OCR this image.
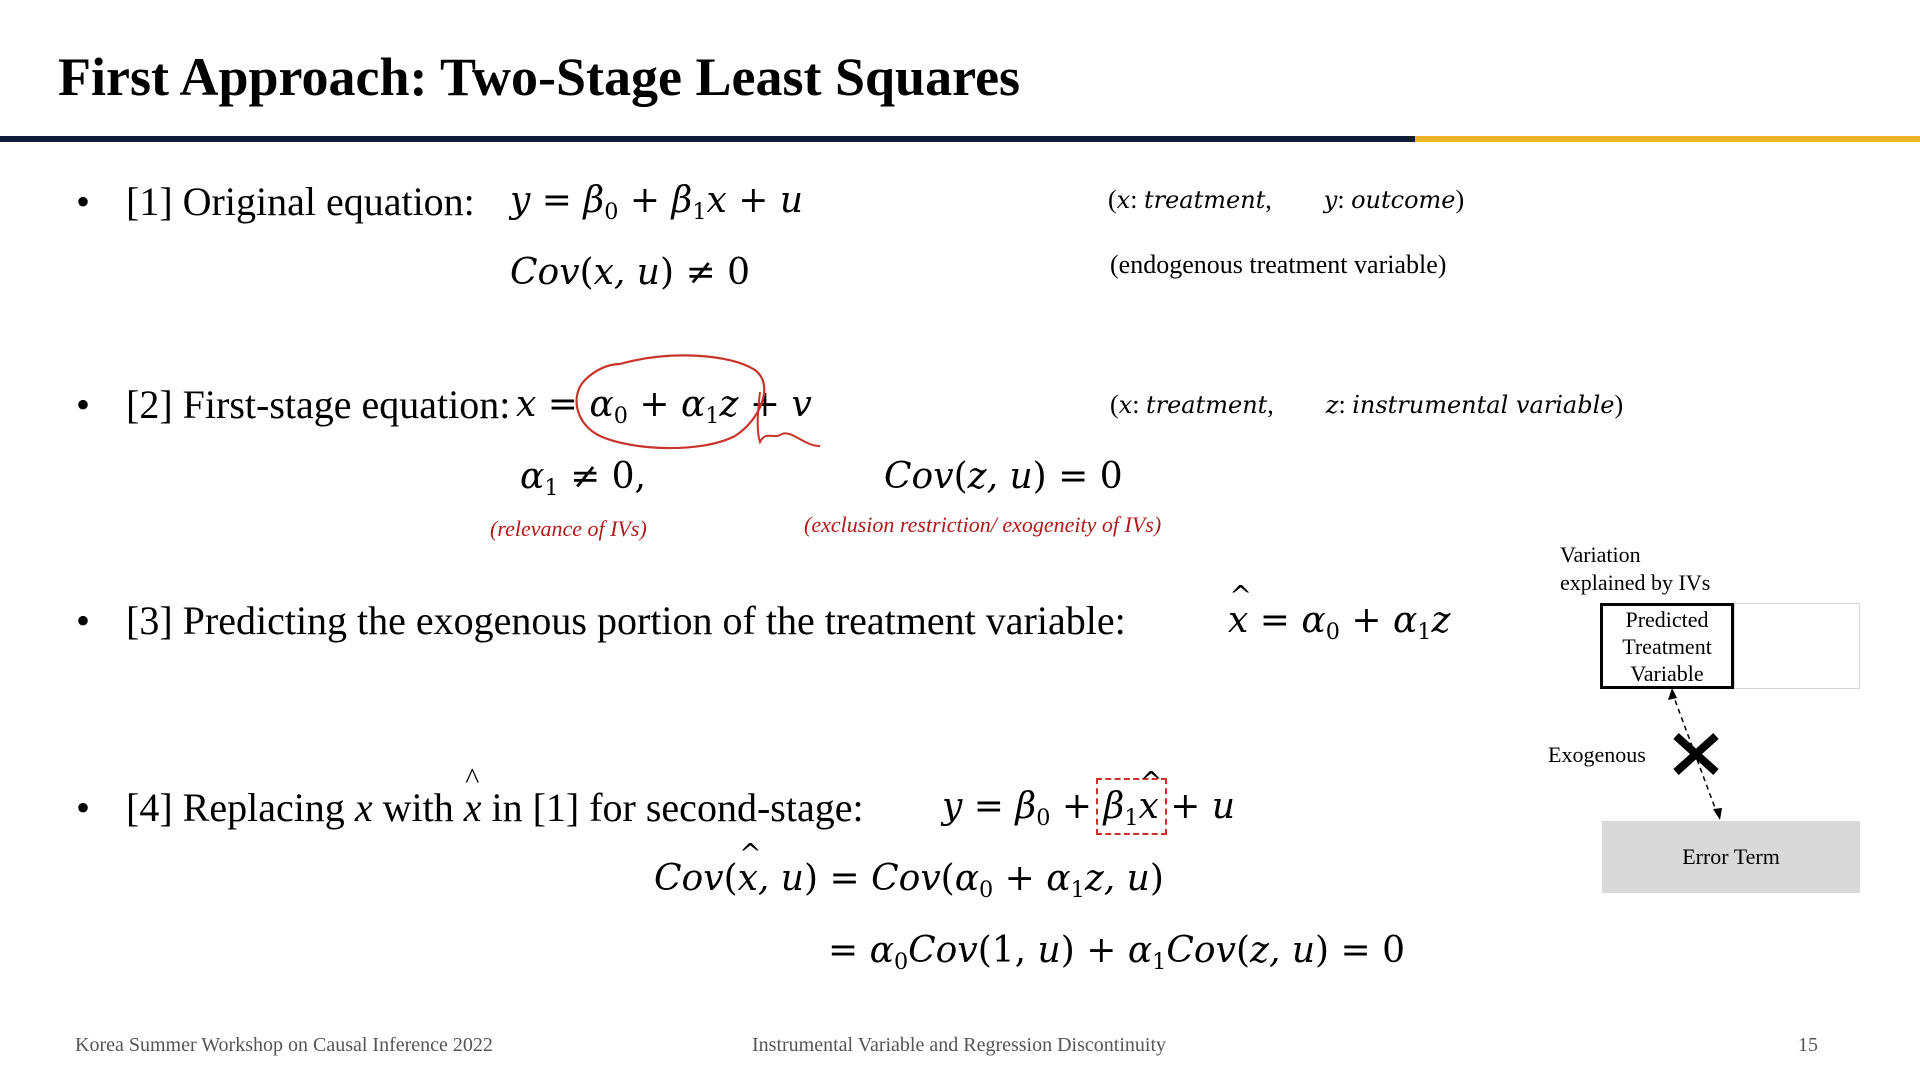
First Approach: Two-Stage Least Squares
• [1] Original equation: $y = \beta_0 + \beta_1x + u$
Cov(x, u) ≠ 0
(x: treatment,        y: outcome)
(endogenous treatment variable)
• [2] First-stage equation: $x = \alpha_0 + \alpha_1z + v$	(x: treatment,        z: instrumental variable)
$\alpha_1 \ne 0$,	Cov(z, u) = 0
(relevance of IVs)	(exclusion restriction/ exogeneity of IVs)
• [3] Predicting the exogenous portion of the treatment variable:	x ^ = $\alpha_0 + \alpha_1z$
• [4] Replacing x with x ^ in [1] for second-stage: $y = \beta_0 + \beta_1x$ ^ + u
Cov(x ^, $u) = Cov(\alpha_0 + \alpha_1z$, u)
= $\alpha_0Cov(1$, $u) + \alpha_1Cov(z$, u) = 0
Variation explained by IVs
Predicted Treatment Variable
Exogenous
Error Term
Korea Summer Workshop on Causal Inference 2022	Instrumental Variable and Regression Discontinuity	15
